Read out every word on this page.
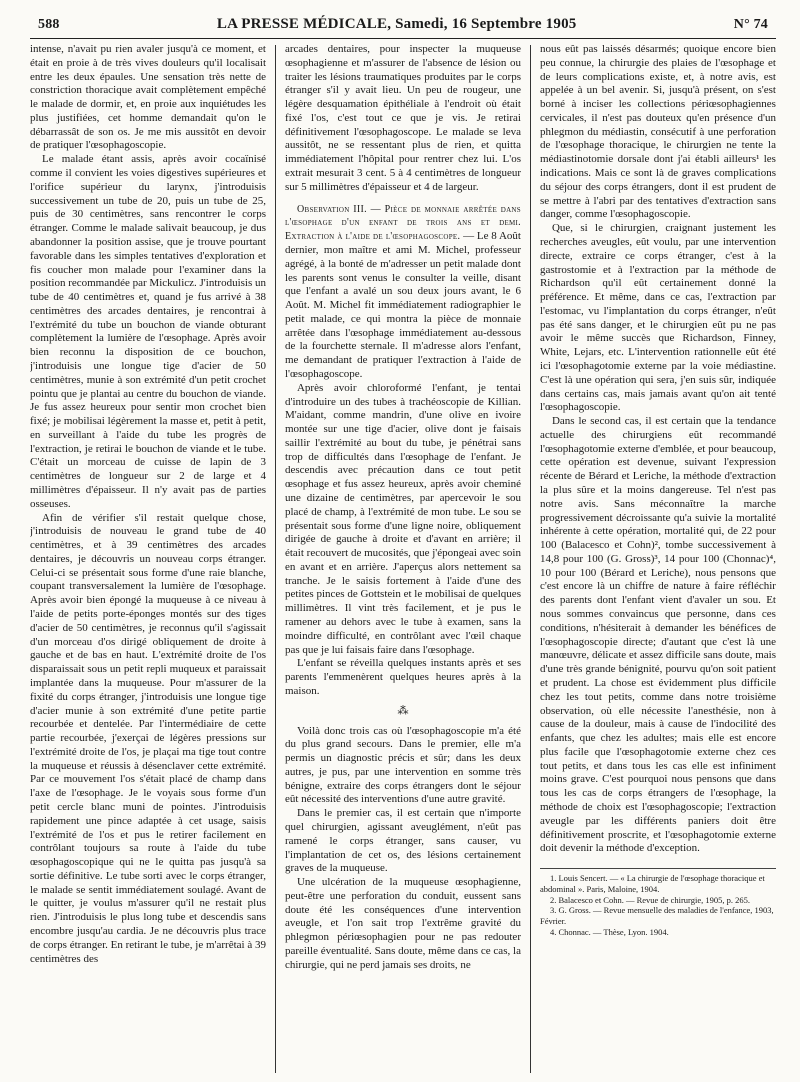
588	LA PRESSE MÉDICALE, Samedi, 16 Septembre 1905	N° 74

intense, n'avait pu rien avaler jusqu'à ce moment, et était en proie à de très vives douleurs qu'il localisait entre les deux épaules. Une sensation très nette de constriction thoracique avait complètement empêché le malade de dormir, et, en proie aux inquiétudes les plus justifiées, cet homme demandait qu'on le débarrassât de son os. Je me mis aussitôt en devoir de pratiquer l'œsophagoscopie.

Le malade étant assis, après avoir cocaïnisé comme il convient les voies digestives supérieures et l'orifice supérieur du larynx, j'introduisis successivement un tube de 20, puis un tube de 25, puis de 30 centimètres, sans rencontrer le corps étranger. Comme le malade salivait beaucoup, je dus abandonner la position assise, que je trouve pourtant favorable dans les simples tentatives d'exploration et fis coucher mon malade pour l'examiner dans la position recommandée par Mickulicz. J'introduisis un tube de 40 centimètres et, quand je fus arrivé à 38 centimètres des arcades dentaires, je rencontrai à l'extrémité du tube un bouchon de viande obturant complètement la lumière de l'œsophage. Après avoir bien reconnu la disposition de ce bouchon, j'introduisis une longue tige d'acier de 50 centimètres, munie à son extrémité d'un petit crochet pointu que je plantai au centre du bouchon de viande. Je fus assez heureux pour sentir mon crochet bien fixé; je mobilisai légèrement la masse et, petit à petit, en surveillant à l'aide du tube les progrès de l'extraction, je retirai le bouchon de viande et le tube. C'était un morceau de cuisse de lapin de 3 centimètres de longueur sur 2 de large et 4 millimètres d'épaisseur. Il n'y avait pas de parties osseuses.

Afin de vérifier s'il restait quelque chose, j'introduisis de nouveau le grand tube de 40 centimètres, et à 39 centimètres des arcades dentaires, je découvris un nouveau corps étranger. Celui-ci se présentait sous forme d'une raie blanche, coupant transversalement la lumière de l'œsophage. Après avoir bien épongé la muqueuse à ce niveau à l'aide de petits porte-éponges montés sur des tiges d'acier de 50 centimètres, je reconnus qu'il s'agissait d'un morceau d'os dirigé obliquement de droite à gauche et de bas en haut. L'extrémité droite de l'os disparaissait sous un petit repli muqueux et paraissait implantée dans la muqueuse. Pour m'assurer de la fixité du corps étranger, j'introduisis une longue tige d'acier munie à son extrémité d'une petite partie recourbée et dentelée. Par l'intermédiaire de cette partie recourbée, j'exerçai de légères pressions sur l'extrémité droite de l'os, je plaçai ma tige tout contre la muqueuse et réussis à désenclaver cette extrémité. Par ce mouvement l'os s'était placé de champ dans l'axe de l'œsophage. Je le voyais sous forme d'un petit cercle blanc muni de pointes. J'introduisis rapidement une pince adaptée à cet usage, saisis l'extrémité de l'os et pus le retirer facilement en contrôlant toujours sa route à l'aide du tube œsophagoscopique qui ne le quitta pas jusqu'à sa sortie définitive. Le tube sorti avec le corps étranger, le malade se sentit immédiatement soulagé. Avant de le quitter, je voulus m'assurer qu'il ne restait plus rien. J'introduisis le plus long tube et descendis sans encombre jusqu'au cardia. Je ne découvris plus trace de corps étranger. En retirant le tube, je m'arrêtai à 39 centimètres des

arcades dentaires, pour inspecter la muqueuse œsophagienne et m'assurer de l'absence de lésion ou traiter les lésions traumatiques produites par le corps étranger s'il y avait lieu. Un peu de rougeur, une légère desquamation épithéliale à l'endroit où était fixé l'os, c'est tout ce que je vis. Je retirai définitivement l'œsophagoscope. Le malade se leva aussitôt, ne se ressentant plus de rien, et quitta immédiatement l'hôpital pour rentrer chez lui. L'os extrait mesurait 3 cent. 5 à 4 centimètres de longueur sur 5 millimètres d'épaisseur et 4 de largeur.

Observation III. — Pièce de monnaie arrêtée dans l'œsophage d'un enfant de trois ans et demi. Extraction à l'aide de l'œsophagoscope. — Le 8 Août dernier, mon maître et ami M. Michel, professeur agrégé, à la bonté de m'adresser un petit malade dont les parents sont venus le consulter la veille, disant que l'enfant a avalé un sou deux jours avant, le 6 Août. M. Michel fit immédiatement radiographier le petit malade, ce qui montra la pièce de monnaie arrêtée dans l'œsophage immédiatement au-dessous de la fourchette sternale. Il m'adresse alors l'enfant, me demandant de pratiquer l'extraction à l'aide de l'œsophagoscope.

Après avoir chloroformé l'enfant, je tentai d'introduire un des tubes à trachéoscopie de Killian. M'aidant, comme mandrin, d'une olive en ivoire montée sur une tige d'acier, olive dont je faisais saillir l'extrémité au bout du tube, je pénétrai sans trop de difficultés dans l'œsophage de l'enfant. Je descendis avec précaution dans ce tout petit œsophage et fus assez heureux, après avoir cheminé une dizaine de centimètres, par apercevoir le sou placé de champ, à l'extrémité de mon tube. Le sou se présentait sous forme d'une ligne noire, obliquement dirigée de gauche à droite et d'avant en arrière; il était recouvert de mucosités, que j'épongeai avec soin en avant et en arrière. J'aperçus alors nettement sa tranche. Je le saisis fortement à l'aide d'une des petites pinces de Gottstein et le mobilisai de quelques millimètres. Il vint très facilement, et je pus le ramener au dehors avec le tube à examen, sans la moindre difficulté, en contrôlant avec l'œil chaque pas que je lui faisais faire dans l'œsophage.

L'enfant se réveilla quelques instants après et ses parents l'emmenèrent quelques heures après à la maison.

⁂

Voilà donc trois cas où l'œsophagoscopie m'a été du plus grand secours. Dans le premier, elle m'a permis un diagnostic précis et sûr; dans les deux autres, je pus, par une intervention en somme très bénigne, extraire des corps étrangers dont le séjour eût nécessité des interventions d'une autre gravité.

Dans le premier cas, il est certain que n'importe quel chirurgien, agissant aveuglément, n'eût pas ramené le corps étranger, sans causer, vu l'implantation de cet os, des lésions certainement graves de la muqueuse.

Une ulcération de la muqueuse œsophagienne, peut-être une perforation du conduit, eussent sans doute été les conséquences d'une intervention aveugle, et l'on sait trop l'extrême gravité du phlegmon périœsophagien pour ne pas redouter pareille éventualité. Sans doute, même dans ce cas, la chirurgie, qui ne perd jamais ses droits, ne

nous eût pas laissés désarmés; quoique encore bien peu connue, la chirurgie des plaies de l'œsophage et de leurs complications existe, et, à notre avis, est appelée à un bel avenir. Si, jusqu'à présent, on s'est borné à inciser les collections périœsophagiennes cervicales, il n'est pas douteux qu'en présence d'un phlegmon du médiastin, consécutif à une perforation de l'œsophage thoracique, le chirurgien ne tente la médiastinotomie dorsale dont j'ai établi ailleurs¹ les indications. Mais ce sont là de graves complications du séjour des corps étrangers, dont il est prudent de se mettre à l'abri par des tentatives d'extraction sans danger, comme l'œsophagoscopie.

Que, si le chirurgien, craignant justement les recherches aveugles, eût voulu, par une intervention directe, extraire ce corps étranger, c'est à la gastrostomie et à l'extraction par la méthode de Richardson qu'il eût certainement donné la préférence. Et même, dans ce cas, l'extraction par l'estomac, vu l'implantation du corps étranger, n'eût pas été sans danger, et le chirurgien eût pu ne pas avoir le même succès que Richardson, Finney, White, Lejars, etc. L'intervention rationnelle eût été ici l'œsophagotomie externe par la voie médiastine. C'est là une opération qui sera, j'en suis sûr, indiquée dans certains cas, mais jamais avant qu'on ait tenté l'œsophagoscopie.

Dans le second cas, il est certain que la tendance actuelle des chirurgiens eût recommandé l'œsophagotomie externe d'emblée, et pour beaucoup, cette opération est devenue, suivant l'expression récente de Bérard et Leriche, la méthode d'extraction la plus sûre et la moins dangereuse. Tel n'est pas notre avis. Sans méconnaître la marche progressivement décroissante qu'a suivie la mortalité inhérente à cette opération, mortalité qui, de 22 pour 100 (Balacesco et Cohn)², tombe successivement à 14,8 pour 100 (G. Gross)³, 14 pour 100 (Chonnac)⁴, 10 pour 100 (Bérard et Leriche), nous pensons que c'est encore là un chiffre de nature à faire réfléchir des parents dont l'enfant vient d'avaler un sou. Et nous sommes convaincus que personne, dans ces conditions, n'hésiterait à demander les bénéfices de l'œsophagoscopie directe; d'autant que c'est là une manœuvre, délicate et assez difficile sans doute, mais d'une très grande bénignité, pourvu qu'on soit patient et prudent. La chose est évidemment plus difficile chez les tout petits, comme dans notre troisième observation, où elle nécessite l'anesthésie, non à cause de la douleur, mais à cause de l'indocilité des enfants, que chez les adultes; mais elle est encore plus facile que l'œsophagotomie externe chez ces tout petits, et dans tous les cas elle est infiniment moins grave. C'est pourquoi nous pensons que dans tous les cas de corps étrangers de l'œsophage, la méthode de choix est l'œsophagoscopie; l'extraction aveugle par les différents paniers doit être définitivement proscrite, et l'œsophagotomie externe doit devenir la méthode d'exception.

1. Louis Sencert. — « La chirurgie de l'œsophage thoracique et abdominal ». Paris, Maloine, 1904.
2. Balacesco et Cohn. — Revue de chirurgie, 1905, p. 265.
3. G. Gross. — Revue mensuelle des maladies de l'enfance, 1903, Février.
4. Chonnac. — Thèse, Lyon. 1904.
